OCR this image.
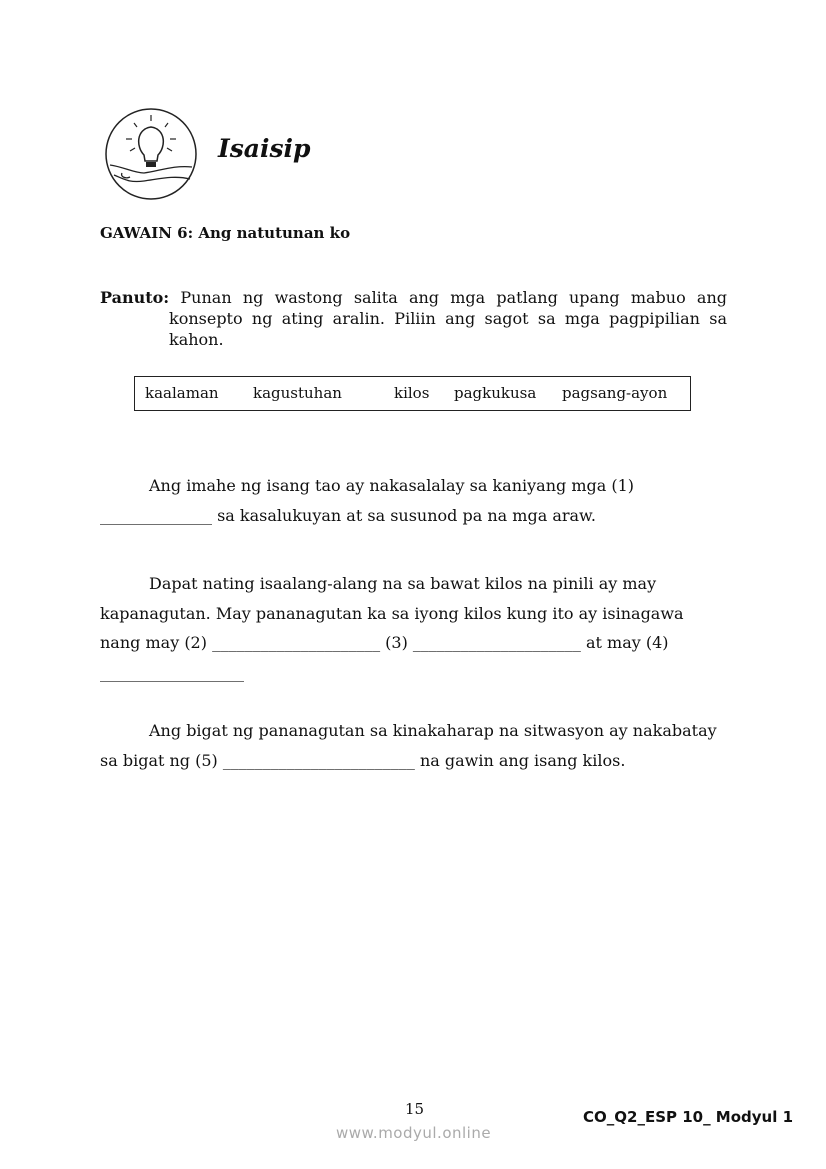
Isaisip
GAWAIN 6: Ang natutunan ko
Panuto: Punan ng wastong salita ang mga patlang upang mabuo ang konsepto ng ating aralin. Piliin ang sagot sa mga pagpipilian sa kahon.
kaalaman kagustuhan	kilos pagkukusa pagsang-ayon
Ang imahe ng isang tao ay nakasalalay sa kaniyang mga (1)
______________ sa kasalukuyan at sa susunod pa na mga araw.
Dapat nating isaalang-alang na sa bawat kilos na pinili ay may
kapanagutan. May pananagutan ka sa iyong kilos kung ito ay isinagawa
nang may (2) _____________________ (3) _____________________ at may (4)
__________________
Ang bigat ng pananagutan sa kinakaharap na sitwasyon ay nakabatay
sa bigat ng (5) ________________________ na gawin ang isang kilos.
15	CO_Q2_ESP 10_ Modyul 1
www.modyul.online
